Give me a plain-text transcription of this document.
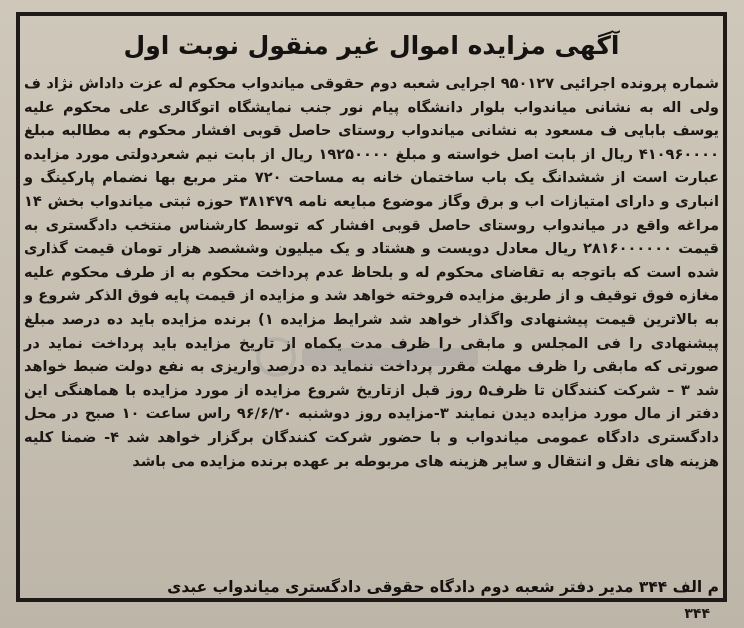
آگهی مزایده اموال غیر منقول نوبت اول

شماره پرونده اجرائیی ۹۵۰۱۲۷ اجرایی شعبه دوم حقوقی میاندواب محکوم له عزت داداش نژاد ف ولی اله به نشانی میاندواب بلوار دانشگاه پیام نور جنب نمایشگاه اتوگالری علی محکوم علیه یوسف بابایی ف مسعود به نشانی میاندواب روستای حاصل قوبی افشار محکوم به مطالبه مبلغ ۴۱۰۹۶۰۰۰۰ ریال از بابت اصل خواسته و مبلغ ۱۹۲۵۰۰۰۰ ریال از بابت نیم شعردولتی مورد مزایده عبارت است از ششدانگ یک باب ساختمان خانه به مساحت ۷۲۰ متر مربع بها نضمام پارکینگ و انباری و دارای امتیازات اب و برق وگاز موضوع مبایعه نامه ۳۸۱۴۷۹ حوزه ثبتی میاندواب بخش ۱۴ مراغه واقع در میاندواب روستای حاصل قوبی افشار که توسط کارشناس منتخب دادگستری به قیمت ۲۸۱۶۰۰۰۰۰۰ ریال معادل دویست و هشتاد و یک میلیون وششصد هزار تومان قیمت گذاری شده است که باتوجه به تقاضای محکوم له و بلحاظ عدم پرداخت محکوم به از طرف محکوم علیه مغازه فوق توقیف و از طریق مزایده فروخته خواهد شد و مزایده از قیمت پایه فوق الذکر شروع و به بالاترین قیمت پیشنهادی واگذار خواهد شد شرایط مزایده ۱) برنده مزایده باید ده درصد مبلغ پیشنهادی را فی المجلس و مابقی را ظرف مدت یکماه از تاریخ مزایده باید پرداخت نماید در صورتی که مابقی را ظرف مهلت مقرر پرداخت ننماید ده درصد واریزی به نفع دولت ضبط خواهد شد ۳ – شرکت کنندگان تا ظرف۵ روز قبل ازتاریخ شروع مزایده از مورد مزایده با هماهنگی این دفتر از مال مورد مزایده دیدن نمایند ۳-مزایده روز دوشنبه ۹۶/۶/۲۰ راس ساعت ۱۰ صبح در محل دادگستری دادگاه عمومی میاندواب و با حضور شرکت کنندگان برگزار خواهد شد ۴- ضمنا کلیه هزینه های نقل و انتقال و سایر هزینه های مربوطه بر عهده برنده مزایده می باشد

م الف ۳۴۴ مدیر دفتر شعبه دوم دادگاه حقوقی دادگستری میاندواب عبدی

۳۴۴
